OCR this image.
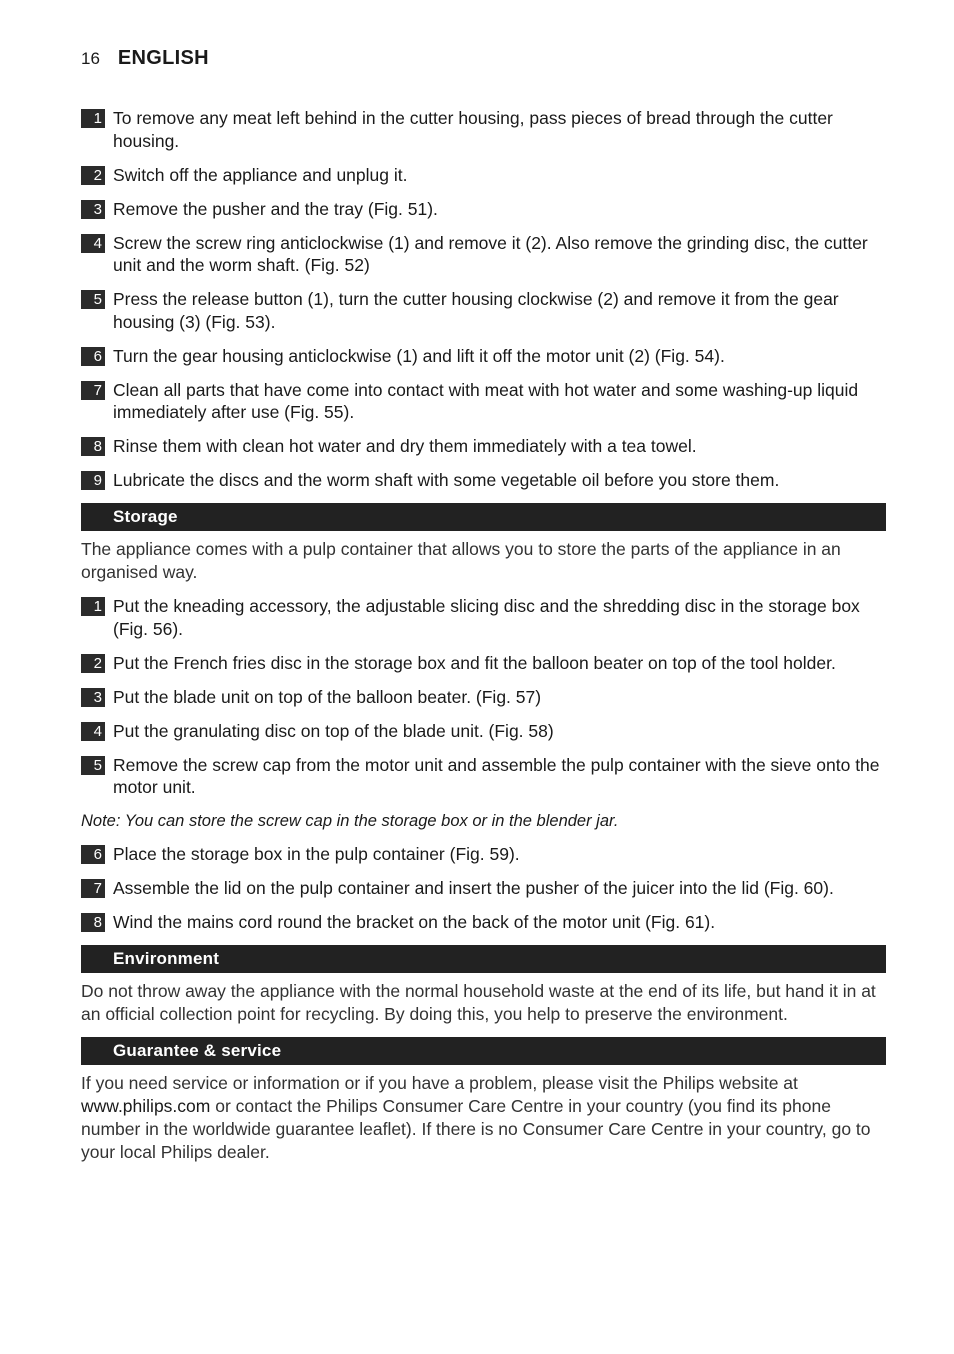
16 ENGLISH
1 To remove any meat left behind in the cutter housing, pass pieces of bread through the cutter housing.
2 Switch off the appliance and unplug it.
3 Remove the pusher and the tray (Fig. 51).
4 Screw the screw ring anticlockwise (1) and remove it (2). Also remove the grinding disc, the cutter unit and the worm shaft. (Fig. 52)
5 Press the release button (1), turn the cutter housing clockwise (2) and remove it from the gear housing (3) (Fig. 53).
6 Turn the gear housing anticlockwise (1) and lift it off the motor unit (2) (Fig. 54).
7 Clean all parts that have come into contact with meat with hot water and some washing-up liquid immediately after use (Fig. 55).
8 Rinse them with clean hot water and dry them immediately with a tea towel.
9 Lubricate the discs and the worm shaft with some vegetable oil before you store them.
Storage
The appliance comes with a pulp container that allows you to store the parts of the appliance in an organised way.
1 Put the kneading accessory, the adjustable slicing disc and the shredding disc in the storage box (Fig. 56).
2 Put the French fries disc in the storage box and fit the balloon beater on top of the tool holder.
3 Put the blade unit on top of the balloon beater. (Fig. 57)
4 Put the granulating disc on top of the blade unit. (Fig. 58)
5 Remove the screw cap from the motor unit and assemble the pulp container with the sieve onto the motor unit.
Note: You can store the screw cap in the storage box or in the blender jar.
6 Place the storage box in the pulp container (Fig. 59).
7 Assemble the lid on the pulp container and insert the pusher of the juicer into the lid (Fig. 60).
8 Wind the mains cord round the bracket on the back of the motor unit (Fig. 61).
Environment
Do not throw away the appliance with the normal household waste at the end of its life, but hand it in at an official collection point for recycling. By doing this, you help to preserve the environment.
Guarantee & service
If you need service or information or if you have a problem, please visit the Philips website at www.philips.com or contact the Philips Consumer Care Centre in your country (you find its phone number in the worldwide guarantee leaflet). If there is no Consumer Care Centre in your country, go to your local Philips dealer.
